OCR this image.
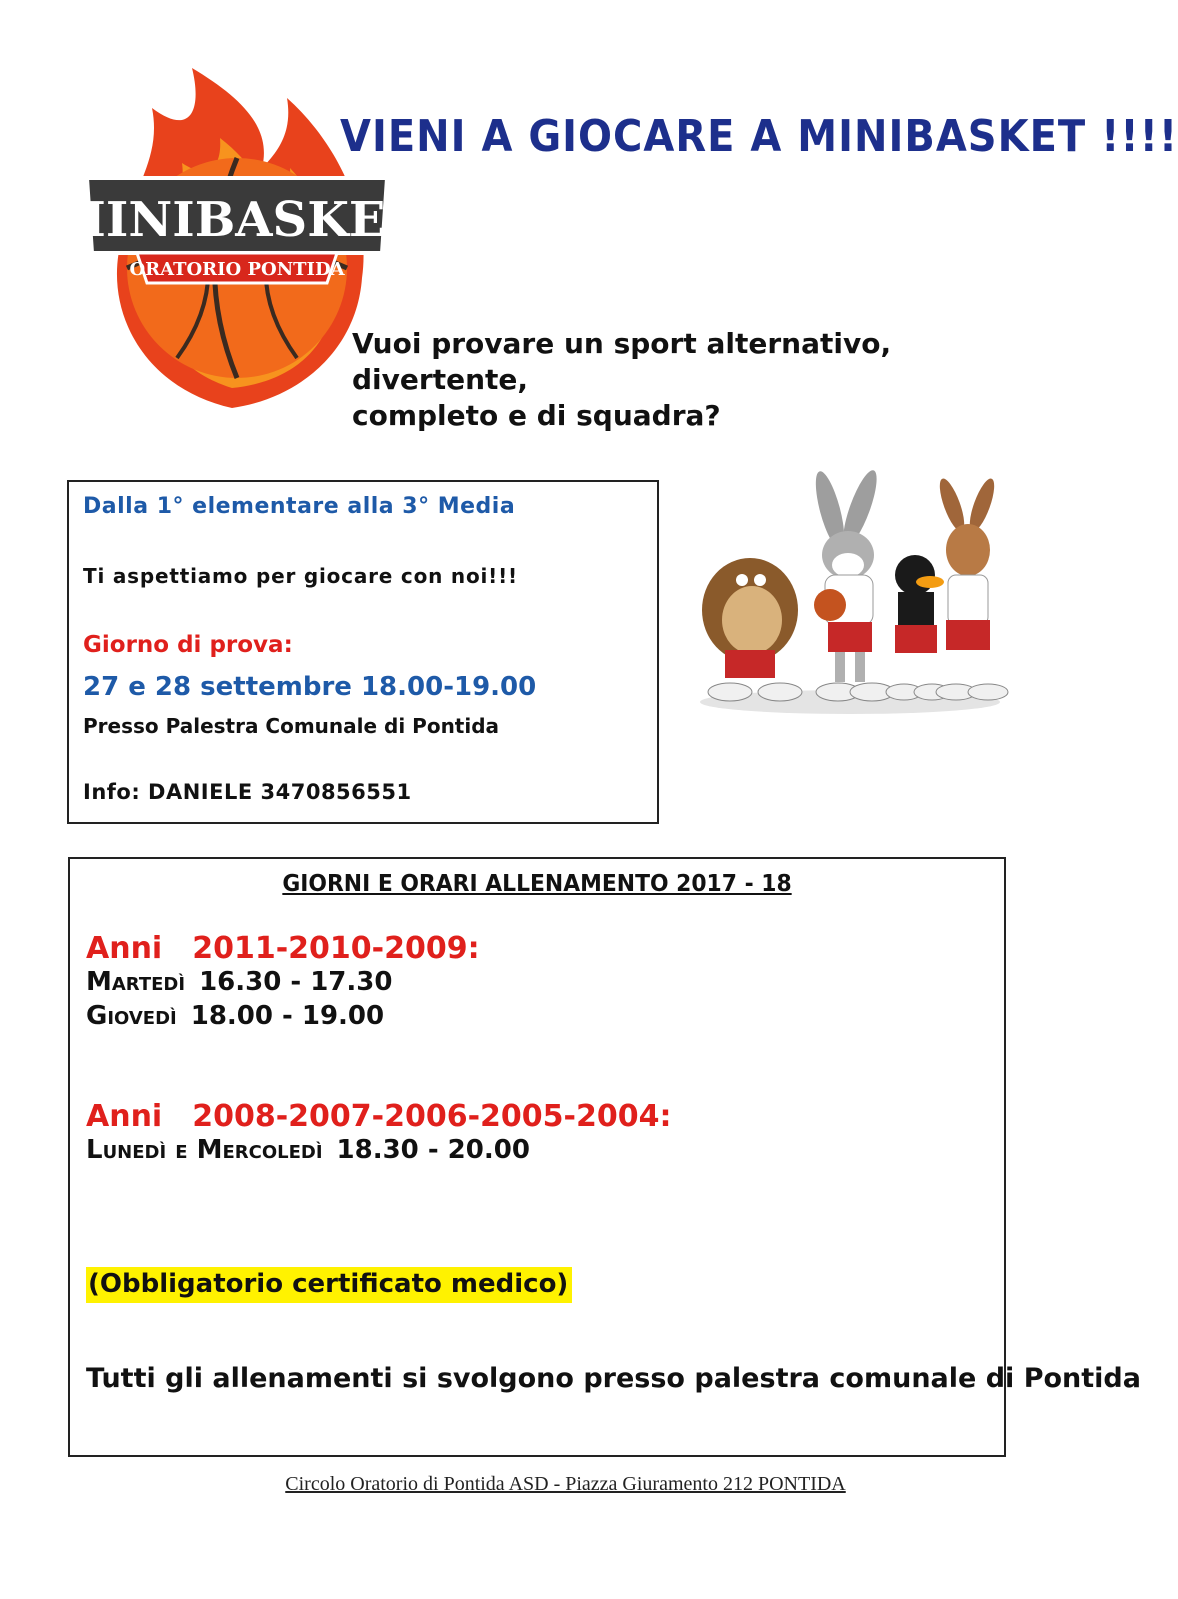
MINIBASKET
ORATORIO PONTIDA
VIENI A GIOCARE A MINIBASKET !!!!
Vuoi provare un sport alternativo, divertente,
completo e di squadra?
Dalla 1° elementare alla 3° Media
Ti aspettiamo per giocare con noi!!!
Giorno di prova:
27 e 28 settembre 18.00-19.00
Presso Palestra Comunale di Pontida
Info: DANIELE 3470856551
GIORNI E ORARI ALLENAMENTO 2017 - 18
Anni 2011-2010-2009:
Martedì 16.30 - 17.30
Giovedì 18.00 - 19.00
Anni 2008-2007-2006-2005-2004:
Lunedì e Mercoledì 18.30 - 20.00
(Obbligatorio certificato medico)
Tutti gli allenamenti si svolgono presso palestra comunale di Pontida
Circolo Oratorio di Pontida ASD - Piazza Giuramento 212 PONTIDA
